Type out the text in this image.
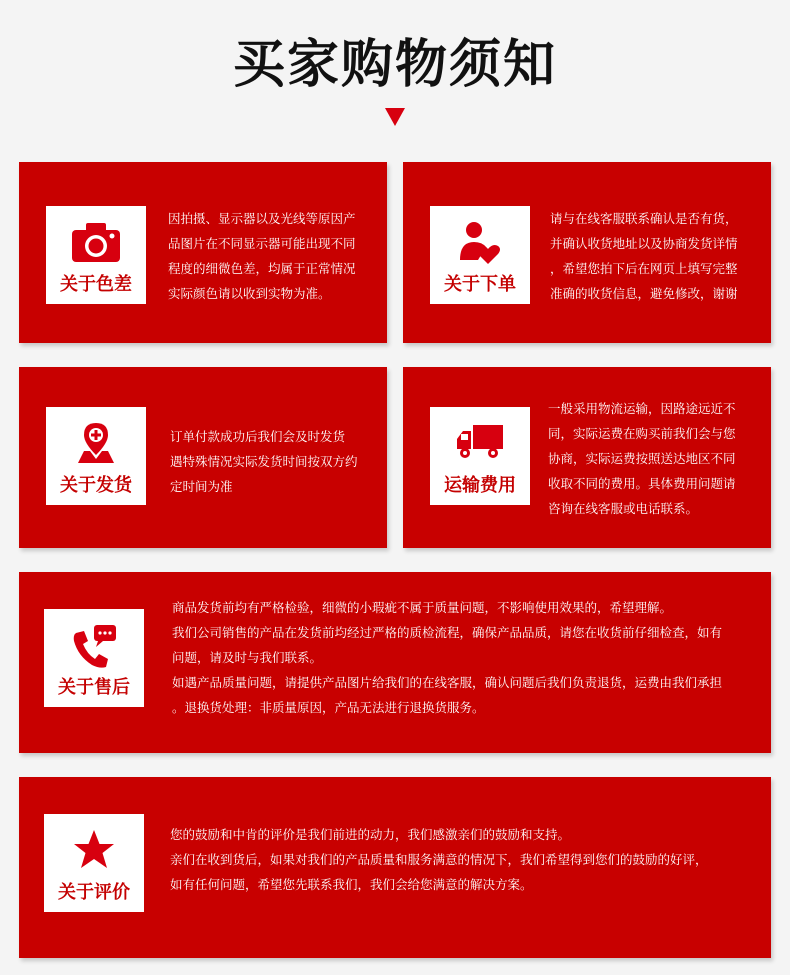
买家购物须知
关于色差

因拍摄、显示器以及光线等原因产

品图片在不同显示器可能出现不同

程度的细微色差，均属于正常情况

实际颜色请以收到实物为准。	关于下单

请与在线客服联系确认是否有货，

并确认收货地址以及协商发货详情

，希望您拍下后在网页上填写完整

准确的收货信息，避免修改，谢谢

关于发货

订单付款成功后我们会及时发货

遇特殊情况实际发货时间按双方约

定时间为准	运输费用

一般采用物流运输，因路途远近不

同，实际运费在购买前我们会与您

协商，实际运费按照送达地区不同

收取不同的费用。具体费用问题请

咨询在线客服或电话联系。

关于售后

商品发货前均有严格检验，细微的小瑕疵不属于质量问题，不影响使用效果的，希望理解。

我们公司销售的产品在发货前均经过严格的质检流程，确保产品品质，请您在收货前仔细检查，如有

问题，请及时与我们联系。

如遇产品质量问题，请提供产品图片给我们的在线客服，确认问题后我们负责退货，运费由我们承担

。退换货处理：非质量原因，产品无法进行退换货服务。

关于评价

您的鼓励和中肯的评价是我们前进的动力，我们感激亲们的鼓励和支持。

亲们在收到货后，如果对我们的产品质量和服务满意的情况下，我们希望得到您们的鼓励的好评，

如有任何问题，希望您先联系我们，我们会给您满意的解决方案。
